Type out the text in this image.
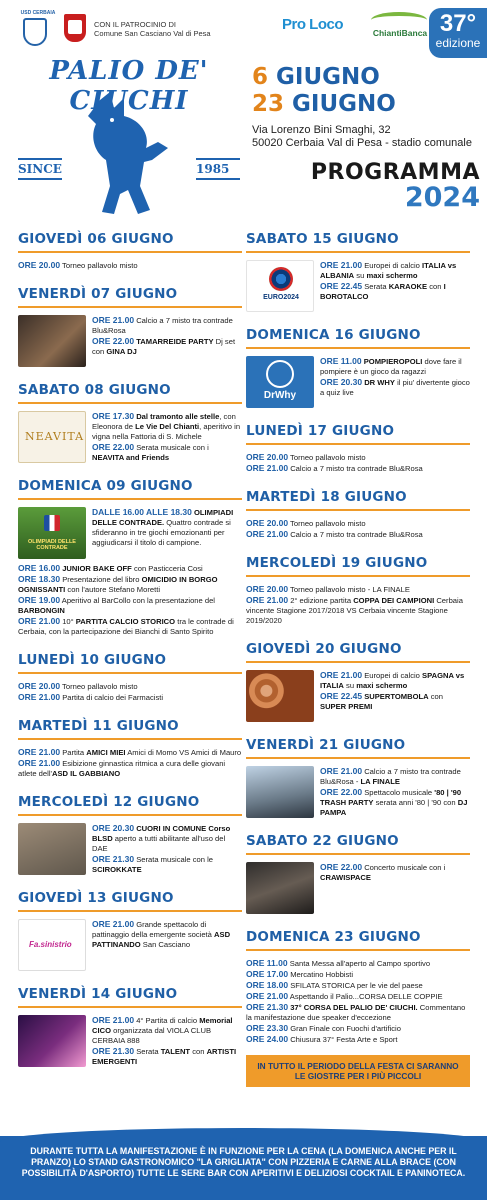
USD CERBAIA
CON IL PATROCINIO DI
Comune San Casciano Val di Pesa
Pro Loco	ChiantiBanca 37°
edizione
PALIO DE' CIUCHI
SINCE	1985
6 GIUGNO
23 GIUGNO
Via Lorenzo Bini Smaghi, 32
50020 Cerbaia Val di Pesa - stadio comunale
PROGRAMMA
2024
GIOVEDÌ 06 GIUGNO
ORE 20.00 Torneo pallavolo misto
VENERDÌ 07 GIUGNO
ORE 21.00 Calcio a 7 misto tra contrade Blu&Rosa
ORE 22.00 TAMARREIDE PARTY Dj set con GINA DJ
SABATO 08 GIUGNO
NEAVITA
ORE 17.30 Dal tramonto alle stelle, con Eleonora de Le Vie Del Chianti, aperitivo in vigna nella Fattoria di S. Michele
ORE 22.00 Serata musicale con i NEAVITA and Friends
DOMENICA 09 GIUGNO
OLIMPIADI DELLE CONTRADE
DALLE 16.00 ALLE 18.30 OLIMPIADI DELLE CONTRADE. Quattro contrade si sfideranno in tre giochi emozionanti per aggiudicarsi il titolo di campione.
ORE 16.00 JUNIOR BAKE OFF con Pasticceria Cosi
ORE 18.30 Presentazione del libro OMICIDIO IN BORGO OGNISSANTI con l'autore Stefano Moretti
ORE 19.00 Aperitivo al BarCollo con la presentazione del BARBONGIN
ORE 21.00 10° PARTITA CALCIO STORICO tra le contrade di Cerbaia, con la partecipazione dei Bianchi di Santo Spirito
LUNEDÌ 10 GIUGNO
ORE 20.00 Torneo pallavolo misto
ORE 21.00 Partita di calcio dei Farmacisti
MARTEDÌ 11 GIUGNO
ORE 21.00 Partita AMICI MIEI Amici di Momo VS Amici di Mauro
ORE 21.00 Esibizione ginnastica ritmica a cura delle giovani atlete dell'ASD IL GABBIANO
MERCOLEDÌ 12 GIUGNO
ORE 20.30 CUORI IN COMUNE Corso BLSD aperto a tutti abilitante all'uso del DAE
ORE 21.30 Serata musicale con le SCIROKKATE
GIOVEDÌ 13 GIUGNO
Fa.sinistrio
ORE 21.00 Grande spettacolo di pattinaggio della emergente società ASD PATTINANDO San Casciano
VENERDÌ 14 GIUGNO
ORE 21.00 4° Partita di calcio Memorial CICO organizzata dal VIOLA CLUB CERBAIA 888
ORE 21.30 Serata TALENT con ARTISTI EMERGENTI
SABATO 15 GIUGNO
EURO2024
ORE 21.00 Europei di calcio ITALIA vs ALBANIA su maxi schermo
ORE 22.45 Serata KARAOKE con I BOROTALCO
DOMENICA 16 GIUGNO
DrWhy
ORE 11.00 POMPIEROPOLI dove fare il pompiere è un gioco da ragazzi
ORE 20.30 DR WHY il piu' divertente gioco a quiz live
LUNEDÌ 17 GIUGNO
ORE 20.00 Torneo pallavolo misto
ORE 21.00 Calcio a 7 misto tra contrade Blu&Rosa
MARTEDÌ 18 GIUGNO
ORE 20.00 Torneo pallavolo misto
ORE 21.00 Calcio a 7 misto tra contrade Blu&Rosa
MERCOLEDÌ 19 GIUGNO
ORE 20.00 Torneo pallavolo misto - LA FINALE
ORE 21.00 2° edizione partita COPPA DEI CAMPIONI Cerbaia vincente Stagione 2017/2018 VS Cerbaia vincente Stagione 2019/2020
GIOVEDÌ 20 GIUGNO
ORE 21.00 Europei di calcio SPAGNA vs ITALIA su maxi schermo
ORE 22.45 SUPERTOMBOLA con SUPER PREMI
VENERDÌ 21 GIUGNO
ORE 21.00 Calcio a 7 misto tra contrade Blu&Rosa - LA FINALE
ORE 22.00 Spettacolo musicale '80 | '90 TRASH PARTY serata anni '80 | '90 con DJ PAMPA
SABATO 22 GIUGNO
ORE 22.00 Concerto musicale con i CRAWISPACE
DOMENICA 23 GIUGNO
ORE 11.00 Santa Messa all'aperto al Campo sportivo
ORE 17.00 Mercatino Hobbisti
ORE 18.00 SFILATA STORICA per le vie del paese
ORE 21.00 Aspettando il Palio...CORSA DELLE COPPIE
ORE 21.30 37° CORSA DEL PALIO DE' CIUCHI. Commentano la manifestazione due speaker d'eccezione
ORE 23.30 Gran Finale con Fuochi d'artificio
ORE 24.00 Chiusura 37° Festa Arte e Sport
IN TUTTO IL PERIODO DELLA FESTA CI SARANNO LE GIOSTRE PER I PIÙ PICCOLI
DURANTE TUTTA LA MANIFESTAZIONE È IN FUNZIONE PER LA CENA (LA DOMENICA ANCHE PER IL PRANZO) LO STAND GASTRONOMICO "LA GRIGLIATA" CON PIZZERIA E CARNE ALLA BRACE (CON POSSIBILITÀ D'ASPORTO) TUTTE LE SERE BAR CON APERITIVI E DELIZIOSI COCKTAIL E PANINOTECA.
